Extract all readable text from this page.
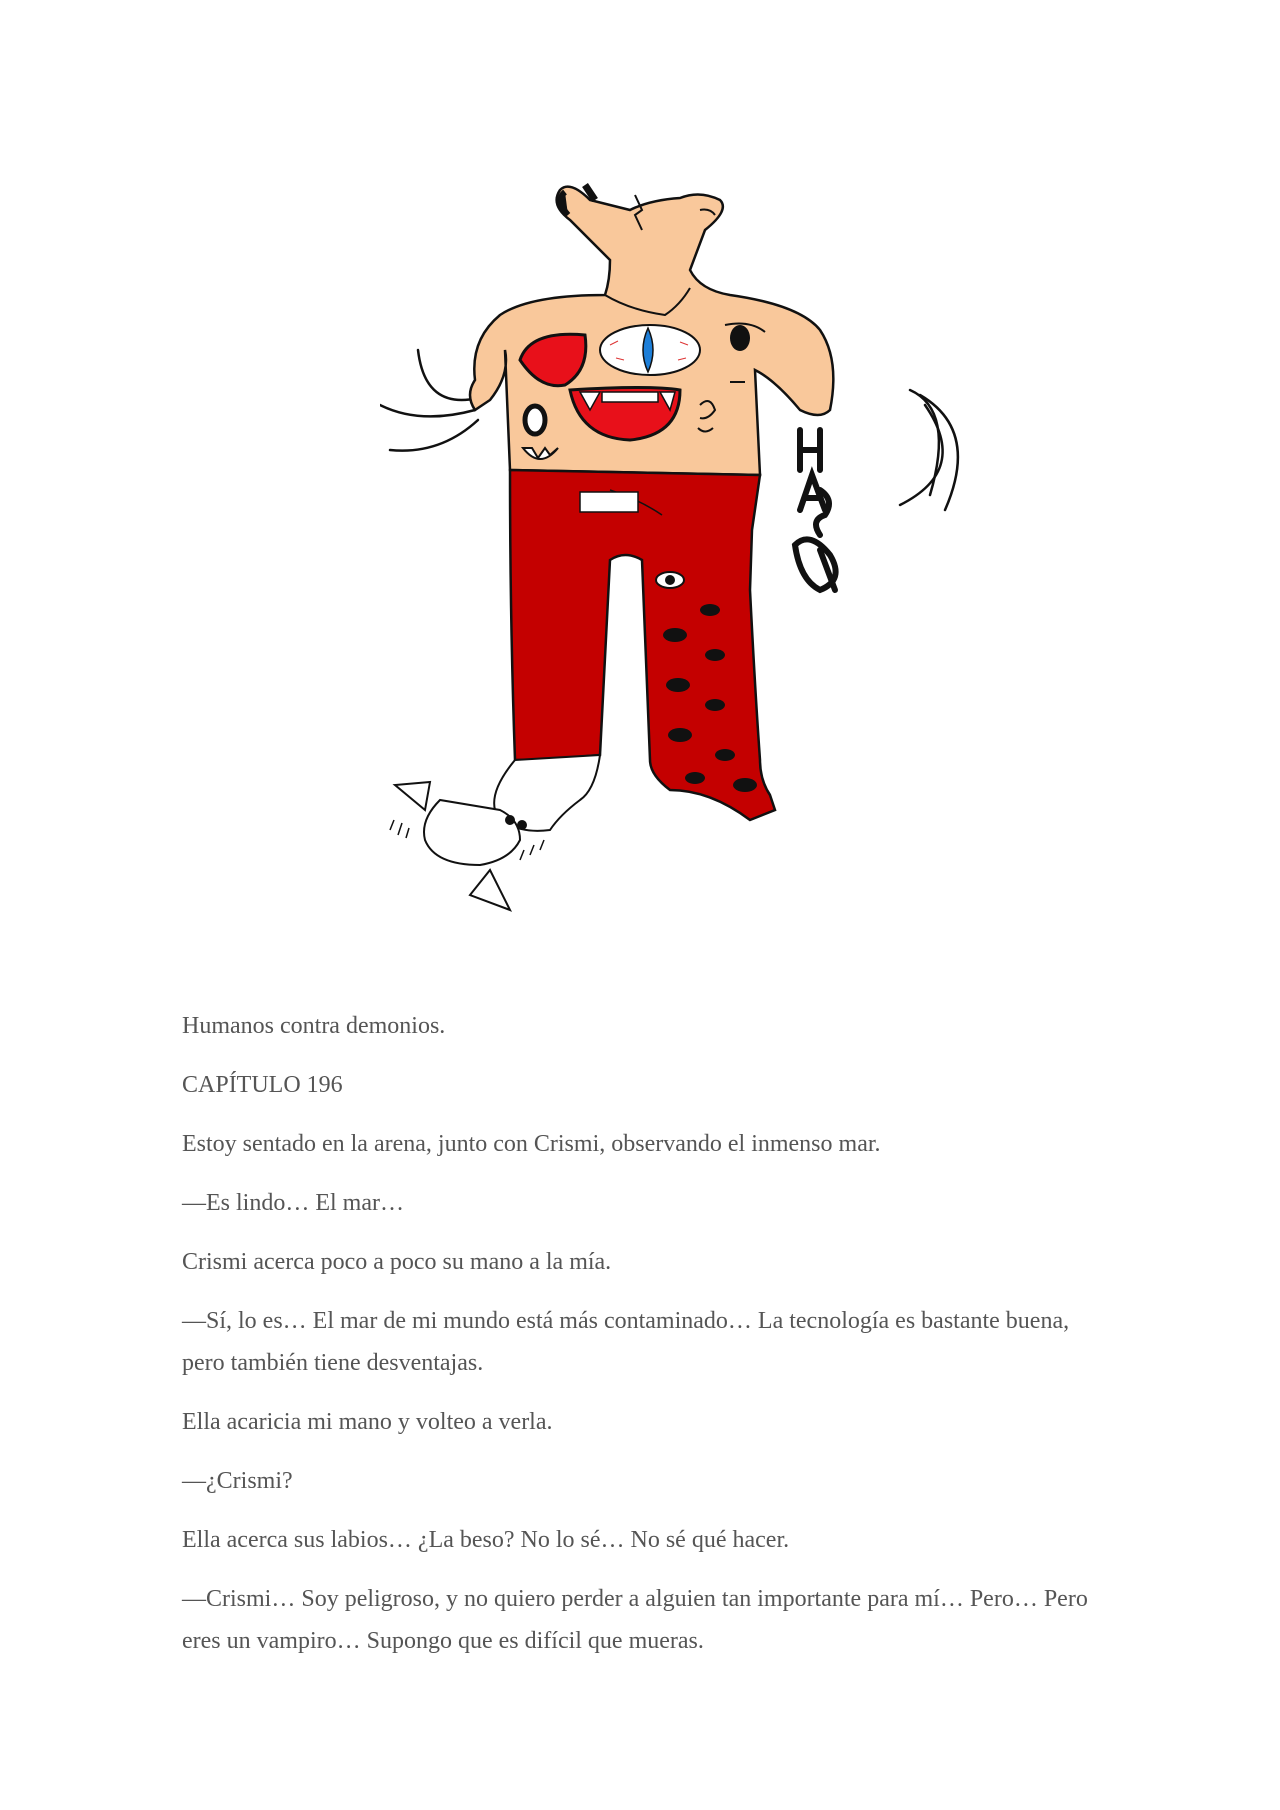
Humanos contra demonios.

CAPÍTULO 196

Estoy sentado en la arena, junto con Crismi, observando el inmenso mar.

—Es lindo… El mar…

Crismi acerca poco a poco su mano a la mía.

—Sí, lo es… El mar de mi mundo está más contaminado… La tecnología es bastante buena, pero también tiene desventajas.

Ella acaricia mi mano y volteo a verla.

—¿Crismi?

Ella acerca sus labios… ¿La beso? No lo sé… No sé qué hacer.

—Crismi… Soy peligroso, y no quiero perder a alguien tan importante para mí… Pero… Pero eres un vampiro… Supongo que es difícil que mueras.
